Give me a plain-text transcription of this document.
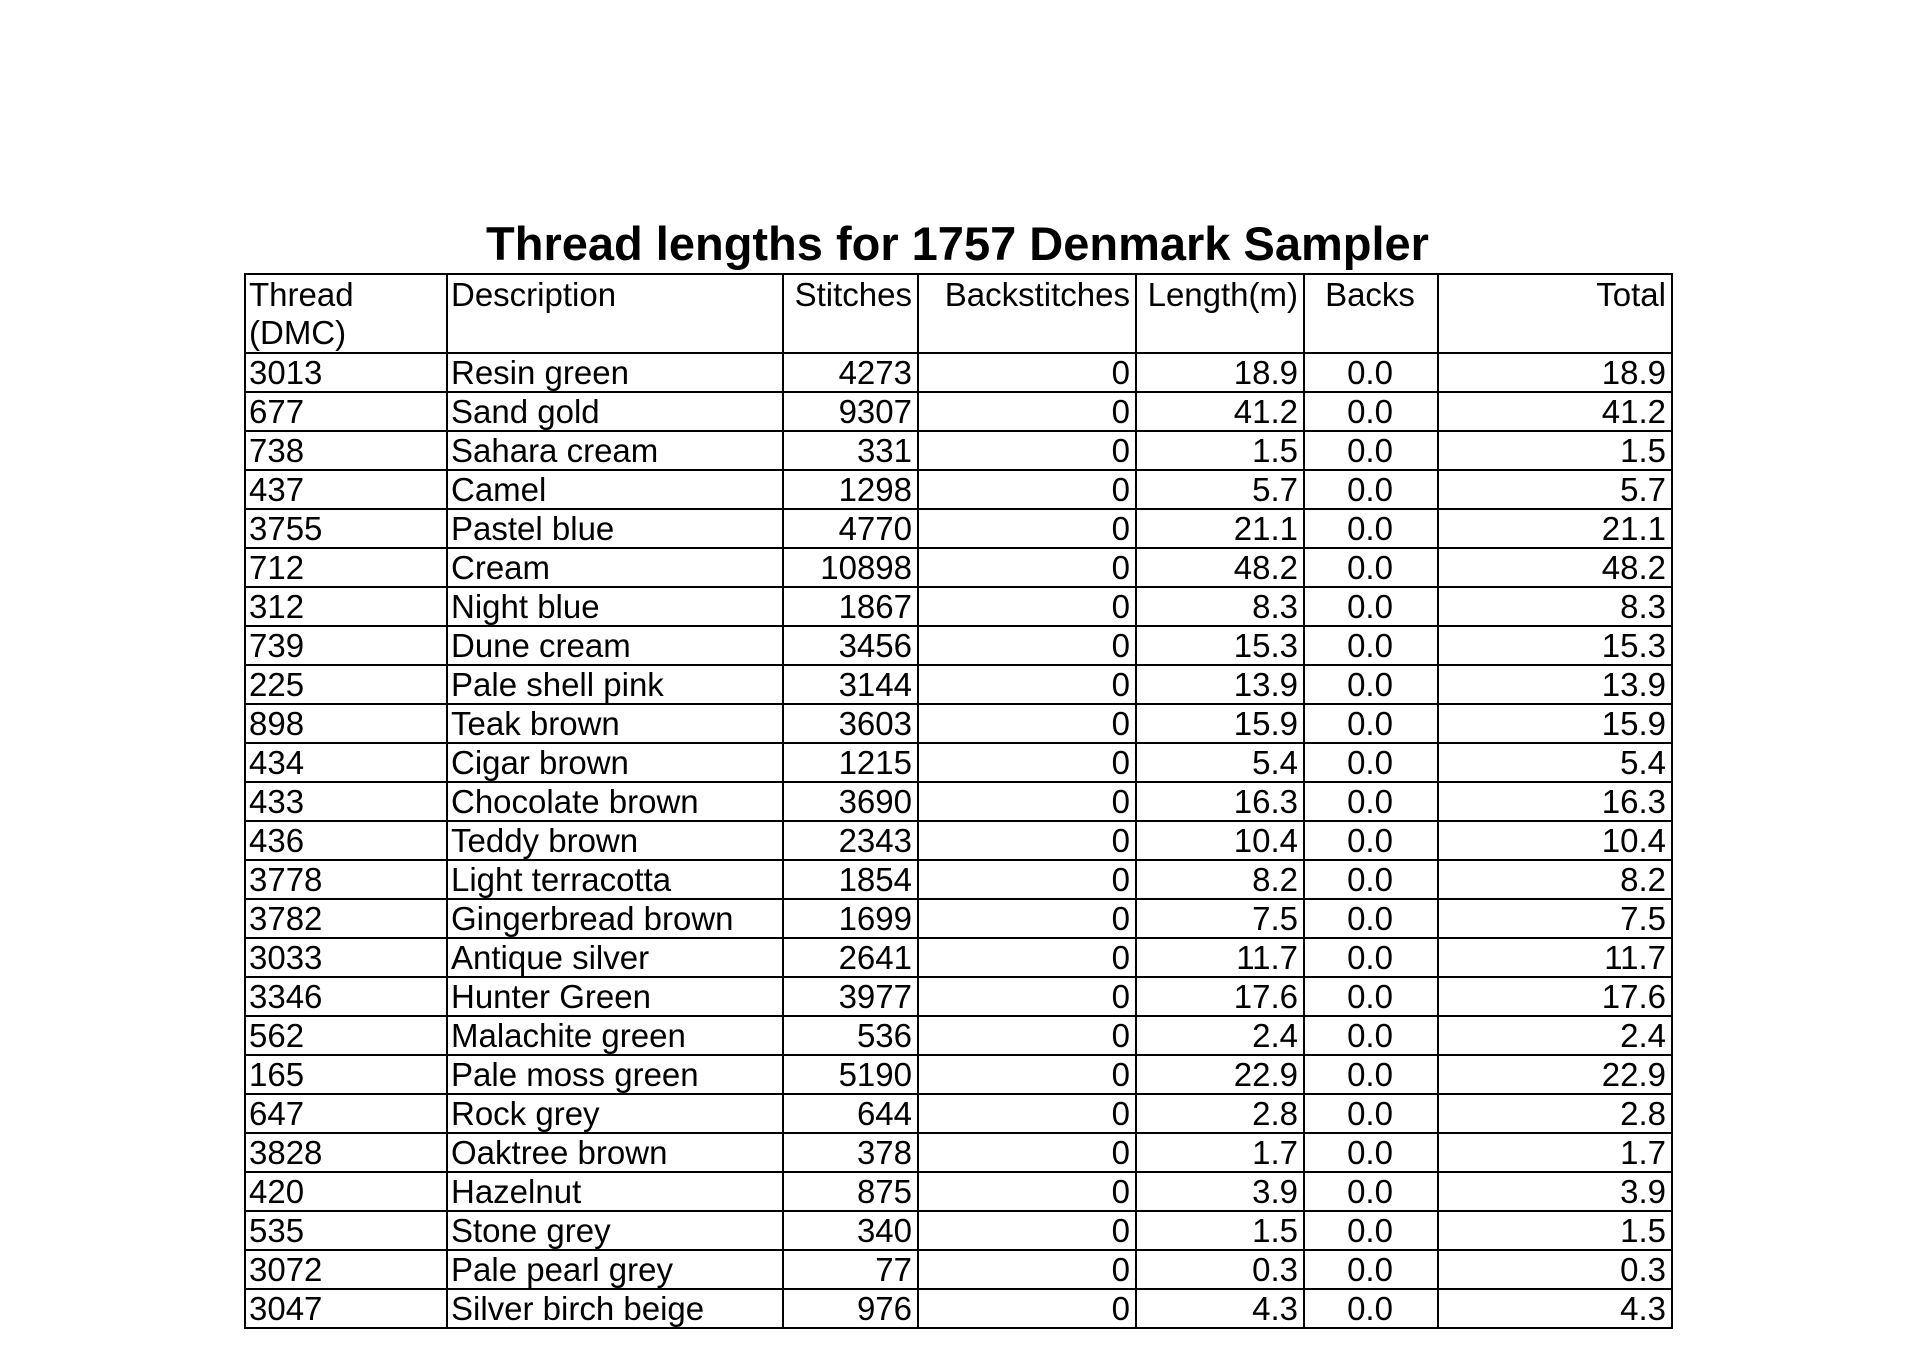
Thread lengths for 1757 Denmark Sampler
Thread (DMC)	Description	Stitches	Backstitches	Length(m)	Backs	Total
3013	Resin green	4273	0	18.9	0.0	18.9
677	Sand gold	9307	0	41.2	0.0	41.2
738	Sahara cream	331	0	1.5	0.0	1.5
437	Camel	1298	0	5.7	0.0	5.7
3755	Pastel blue	4770	0	21.1	0.0	21.1
712	Cream	10898	0	48.2	0.0	48.2
312	Night blue	1867	0	8.3	0.0	8.3
739	Dune cream	3456	0	15.3	0.0	15.3
225	Pale shell pink	3144	0	13.9	0.0	13.9
898	Teak brown	3603	0	15.9	0.0	15.9
434	Cigar brown	1215	0	5.4	0.0	5.4
433	Chocolate brown	3690	0	16.3	0.0	16.3
436	Teddy brown	2343	0	10.4	0.0	10.4
3778	Light terracotta	1854	0	8.2	0.0	8.2
3782	Gingerbread brown	1699	0	7.5	0.0	7.5
3033	Antique silver	2641	0	11.7	0.0	11.7
3346	Hunter Green	3977	0	17.6	0.0	17.6
562	Malachite green	536	0	2.4	0.0	2.4
165	Pale moss green	5190	0	22.9	0.0	22.9
647	Rock grey	644	0	2.8	0.0	2.8
3828	Oaktree brown	378	0	1.7	0.0	1.7
420	Hazelnut	875	0	3.9	0.0	3.9
535	Stone grey	340	0	1.5	0.0	1.5
3072	Pale pearl grey	77	0	0.3	0.0	0.3
3047	Silver birch beige	976	0	4.3	0.0	4.3
